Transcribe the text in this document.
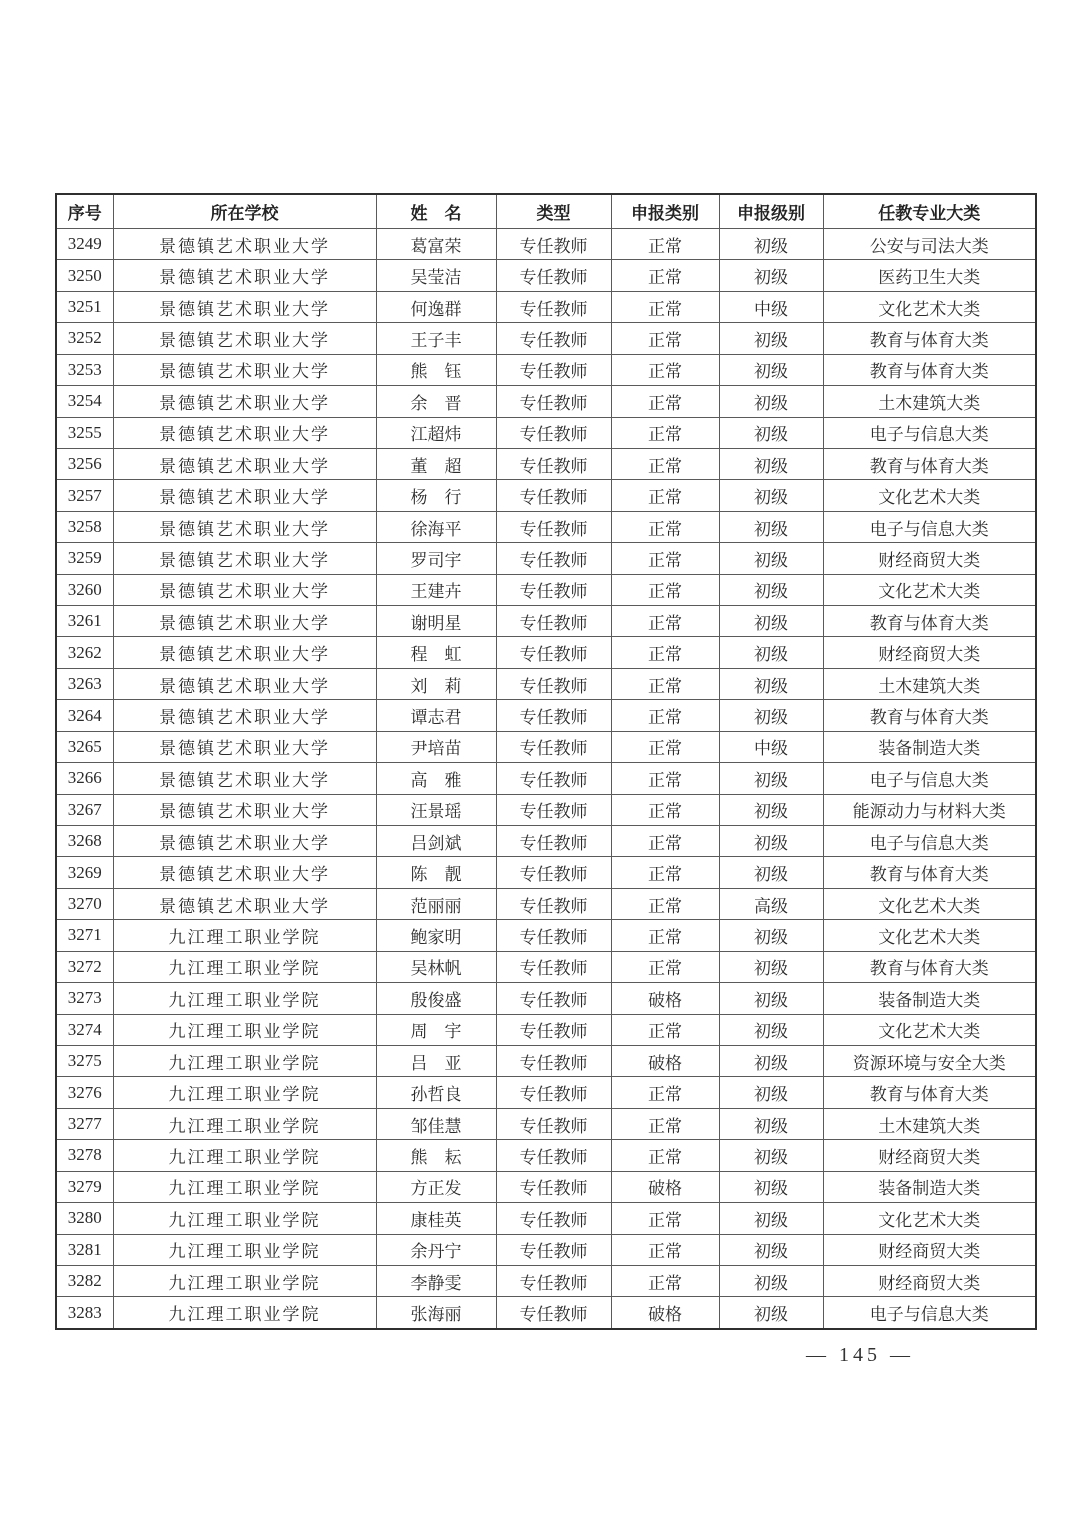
序号	所在学校	姓　名	类型	申报类别	申报级别	任教专业大类
3249	景德镇艺术职业大学	葛富荣	专任教师	正常	初级	公安与司法大类
3250	景德镇艺术职业大学	吴莹洁	专任教师	正常	初级	医药卫生大类
3251	景德镇艺术职业大学	何逸群	专任教师	正常	中级	文化艺术大类
3252	景德镇艺术职业大学	王子丰	专任教师	正常	初级	教育与体育大类
3253	景德镇艺术职业大学	熊　钰	专任教师	正常	初级	教育与体育大类
3254	景德镇艺术职业大学	余　晋	专任教师	正常	初级	土木建筑大类
3255	景德镇艺术职业大学	江超炜	专任教师	正常	初级	电子与信息大类
3256	景德镇艺术职业大学	董　超	专任教师	正常	初级	教育与体育大类
3257	景德镇艺术职业大学	杨　行	专任教师	正常	初级	文化艺术大类
3258	景德镇艺术职业大学	徐海平	专任教师	正常	初级	电子与信息大类
3259	景德镇艺术职业大学	罗司宇	专任教师	正常	初级	财经商贸大类
3260	景德镇艺术职业大学	王建卉	专任教师	正常	初级	文化艺术大类
3261	景德镇艺术职业大学	谢明星	专任教师	正常	初级	教育与体育大类
3262	景德镇艺术职业大学	程　虹	专任教师	正常	初级	财经商贸大类
3263	景德镇艺术职业大学	刘　莉	专任教师	正常	初级	土木建筑大类
3264	景德镇艺术职业大学	谭志君	专任教师	正常	初级	教育与体育大类
3265	景德镇艺术职业大学	尹培苗	专任教师	正常	中级	装备制造大类
3266	景德镇艺术职业大学	高　雅	专任教师	正常	初级	电子与信息大类
3267	景德镇艺术职业大学	汪景瑶	专任教师	正常	初级	能源动力与材料大类
3268	景德镇艺术职业大学	吕剑斌	专任教师	正常	初级	电子与信息大类
3269	景德镇艺术职业大学	陈　靓	专任教师	正常	初级	教育与体育大类
3270	景德镇艺术职业大学	范丽丽	专任教师	正常	高级	文化艺术大类
3271	九江理工职业学院	鲍家明	专任教师	正常	初级	文化艺术大类
3272	九江理工职业学院	吴林帆	专任教师	正常	初级	教育与体育大类
3273	九江理工职业学院	殷俊盛	专任教师	破格	初级	装备制造大类
3274	九江理工职业学院	周　宇	专任教师	正常	初级	文化艺术大类
3275	九江理工职业学院	吕　亚	专任教师	破格	初级	资源环境与安全大类
3276	九江理工职业学院	孙哲良	专任教师	正常	初级	教育与体育大类
3277	九江理工职业学院	邹佳慧	专任教师	正常	初级	土木建筑大类
3278	九江理工职业学院	熊　耘	专任教师	正常	初级	财经商贸大类
3279	九江理工职业学院	方正发	专任教师	破格	初级	装备制造大类
3280	九江理工职业学院	康桂英	专任教师	正常	初级	文化艺术大类
3281	九江理工职业学院	余丹宁	专任教师	正常	初级	财经商贸大类
3282	九江理工职业学院	李静雯	专任教师	正常	初级	财经商贸大类
3283	九江理工职业学院	张海丽	专任教师	破格	初级	电子与信息大类
— 145 —
